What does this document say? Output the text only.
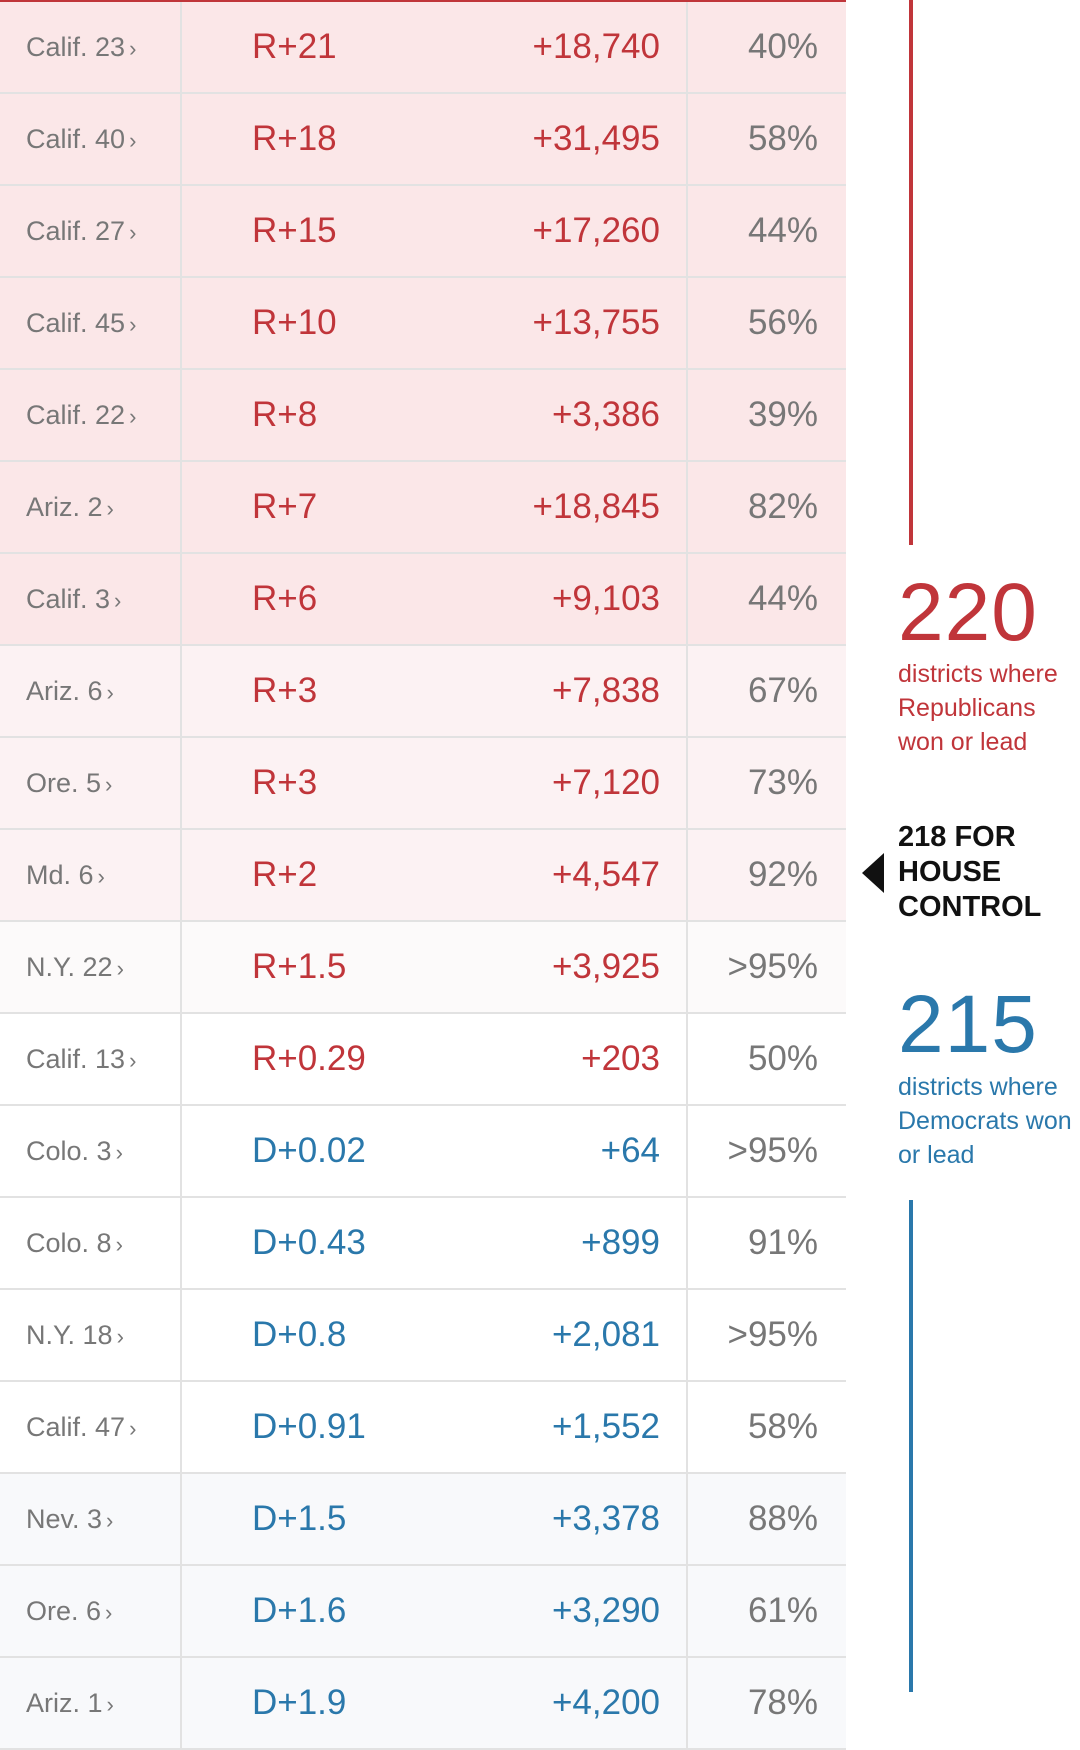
Calif. 23 ›	R+21	+18,740	40%
Calif. 40 ›	R+18	+31,495	58%
Calif. 27 ›	R+15	+17,260	44%
Calif. 45 ›	R+10	+13,755	56%
Calif. 22 ›	R+8	+3,386	39%
Ariz. 2 ›	R+7	+18,845	82%
Calif. 3 ›	R+6	+9,103	44%
Ariz. 6 ›	R+3	+7,838	67%
Ore. 5 ›	R+3	+7,120	73%
Md. 6 ›	R+2	+4,547	92%
N.Y. 22 ›	R+1.5	+3,925	>95%
Calif. 13 ›	R+0.29	+203	50%
Colo. 3 ›	D+0.02	+64	>95%
Colo. 8 ›	D+0.43	+899	91%
N.Y. 18 ›	D+0.8	+2,081	>95%
Calif. 47 ›	D+0.91	+1,552	58%
Nev. 3 ›	D+1.5	+3,378	88%
Ore. 6 ›	D+1.6	+3,290	61%
Ariz. 1 ›	D+1.9	+4,200	78%
220
districts where Republicans won or lead
218 FOR HOUSE CONTROL
215
districts where Democrats won or lead
